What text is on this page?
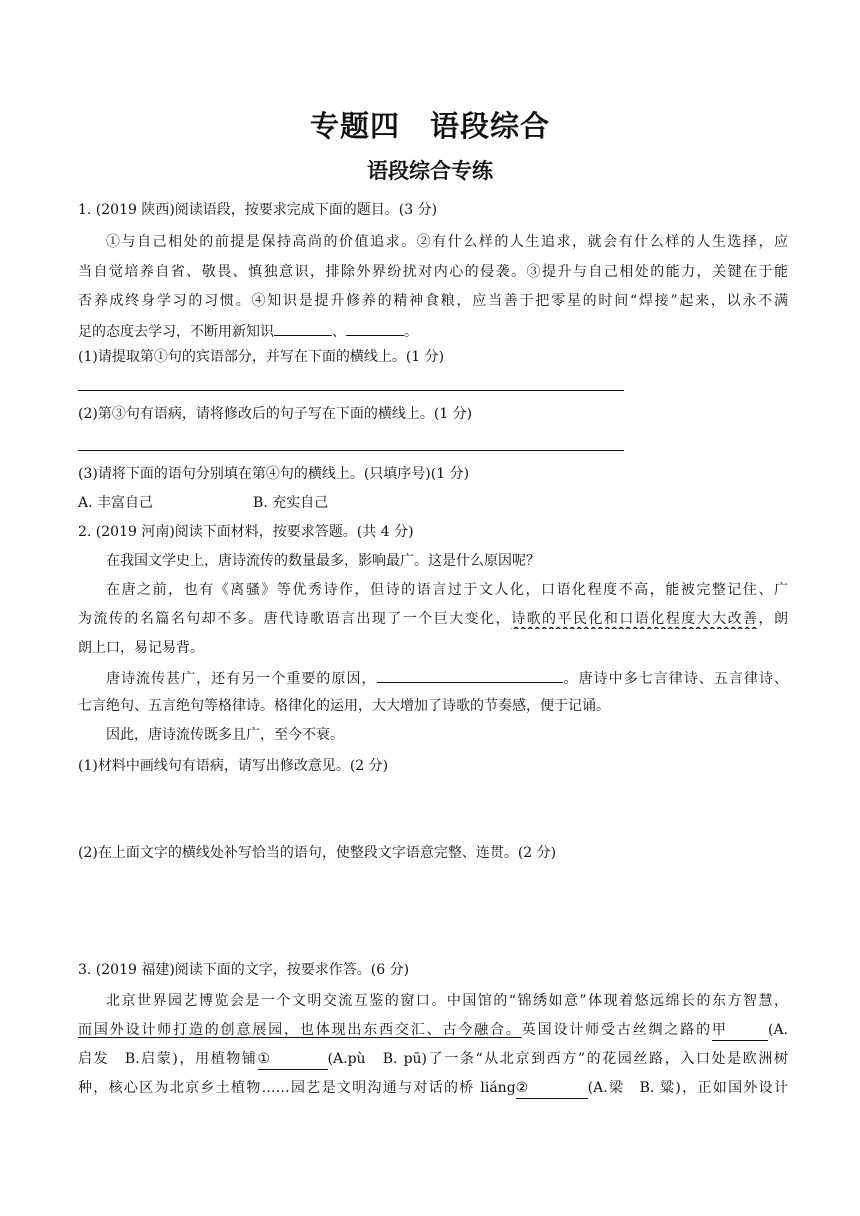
专题四 语段综合
语段综合专练
1. (2019 陕西)阅读语段，按要求完成下面的题目。(3 分)
①与自己相处的前提是保持高尚的价值追求。②有什么样的人生追求，就会有什么样的人生选择，应
当自觉培养自省、敬畏、慎独意识，排除外界纷扰对内心的侵袭。③提升与自己相处的能力，关键在于能
否养成终身学习的习惯。④知识是提升修养的精神食粮，应当善于把零星的时间“焊接”起来，以永不满
足的态度去学习，不断用新知识	、	。
(1)请提取第①句的宾语部分，并写在下面的横线上。(1 分)
(2)第③句有语病，请将修改后的句子写在下面的横线上。(1 分)
(3)请将下面的语句分别填在第④句的横线上。(只填序号)(1 分)
A. 丰富自己	B. 充实自己
2. (2019 河南)阅读下面材料，按要求答题。(共 4 分)
在我国文学史上，唐诗流传的数量最多，影响最广。这是什么原因呢？
在唐之前，也有《离骚》等优秀诗作，但诗的语言过于文人化，口语化程度不高，能被完整记住、广
为流传的名篇名句却不多。唐代诗歌语言出现了一个巨大变化，诗歌的平民化和口语化程度大大改善，朗
朗上口，易记易背。
唐诗流传甚广，还有另一个重要的原因，	。唐诗中多七言律诗、五言律诗、
七言绝句、五言绝句等格律诗。格律化的运用，大大增加了诗歌的节奏感，便于记诵。
因此，唐诗流传既多且广，至今不衰。
(1)材料中画线句有语病，请写出修改意见。(2 分)
(2)在上面文字的横线处补写恰当的语句，使整段文字语意完整、连贯。(2 分)
3. (2019 福建)阅读下面的文字，按要求作答。(6 分)
北京世界园艺博览会是一个文明交流互鉴的窗口。中国馆的“锦绣如意”体现着悠远绵长的东方智慧，
而国外设计师打造的创意展园，也体现出东西交汇、古今融合。英国设计师受古丝绸之路的甲	(A.
启发　B.启蒙)，用植物铺①	(A.pù　B. pū)了一条“从北京到西方”的花园丝路，入口处是欧洲树
种，核心区为北京乡土植物……园艺是文明沟通与对话的桥 liáng②	(A.梁　B. 粱)，正如国外设计
